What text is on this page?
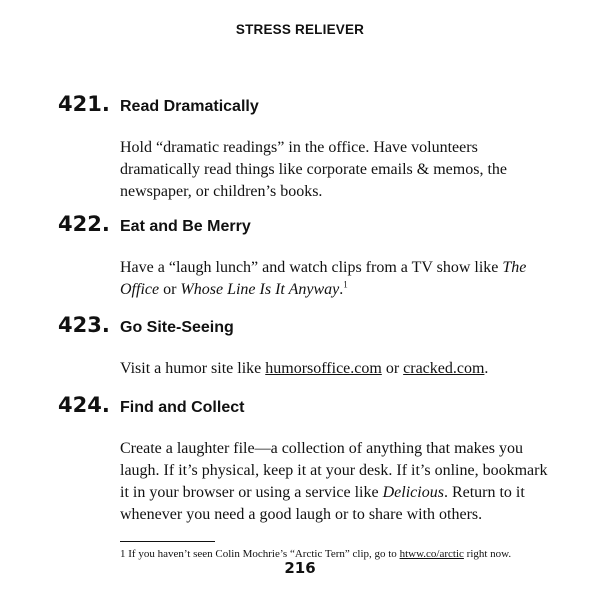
STRESS RELIEVER
421. Read Dramatically
Hold “dramatic readings” in the office. Have volunteers dramatically read things like corporate emails & memos, the newspaper, or children’s books.
422. Eat and Be Merry
Have a “laugh lunch” and watch clips from a TV show like The Office or Whose Line Is It Anyway.$^1$
423. Go Site-Seeing
Visit a humor site like humorsoffice.com or cracked.com.
424. Find and Collect
Create a laughter file—a collection of anything that makes you laugh. If it’s physical, keep it at your desk. If it’s online, bookmark it in your browser or using a service like Delicious. Return to it whenever you need a good laugh or to share with others.
1 If you haven’t seen Colin Mochrie’s “Arctic Tern” clip, go to htww.co/arctic right now.
216
